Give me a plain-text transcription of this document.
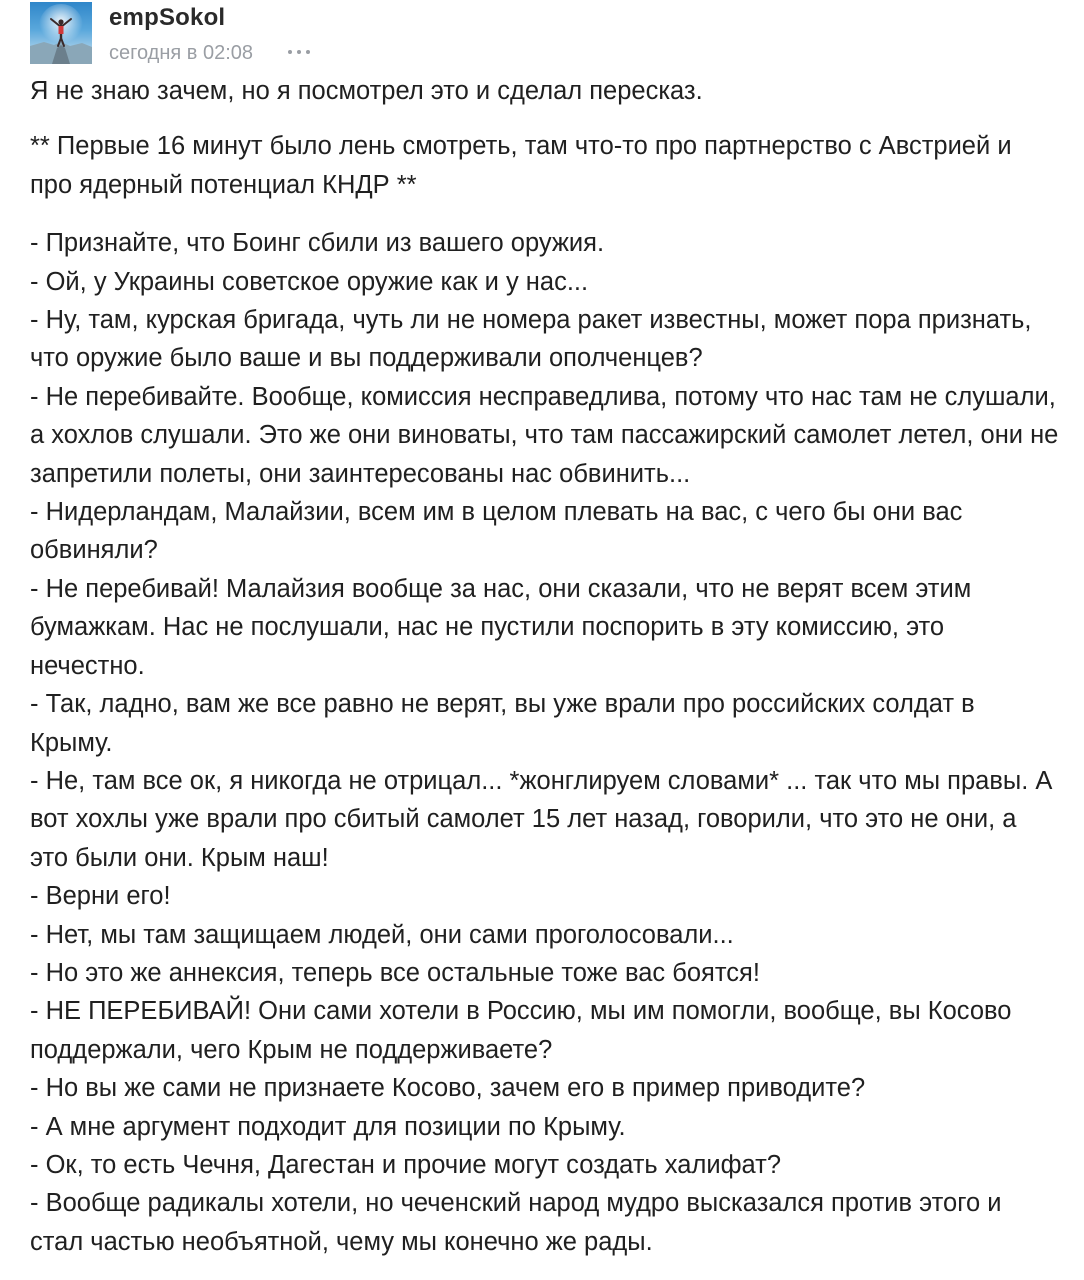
empSokol
сегодня в 02:08

Я не знаю зачем, но я посмотрел это и сделал пересказ.

** Первые 16 минут было лень смотреть, там что-то про партнерство с Австрией и про ядерный потенциал КНДР **

- Признайте, что Боинг сбили из вашего оружия.

- Ой, у Украины советское оружие как и у нас...

- Ну, там, курская бригада, чуть ли не номера ракет известны, может пора признать, что оружие было ваше и вы поддерживали ополченцев?

- Не перебивайте. Вообще, комиссия несправедлива, потому что нас там не слушали, а хохлов слушали. Это же они виноваты, что там пассажирский самолет летел, они не запретили полеты, они заинтересованы нас обвинить...

- Нидерландам, Малайзии, всем им в целом плевать на вас, с чего бы они вас обвиняли?

- Не перебивай! Малайзия вообще за нас, они сказали, что не верят всем этим бумажкам. Нас не послушали, нас не пустили поспорить в эту комиссию, это нечестно.

- Так, ладно, вам же все равно не верят, вы уже врали про российских солдат в Крыму.

- Не, там все ок, я никогда не отрицал... *жонглируем словами* ... так что мы правы. А вот хохлы уже врали про сбитый самолет 15 лет назад, говорили, что это не они, а это были они. Крым наш!

- Верни его!

- Нет, мы там защищаем людей, они сами проголосовали...

- Но это же аннексия, теперь все остальные тоже вас боятся!

- НЕ ПЕРЕБИВАЙ! Они сами хотели в Россию, мы им помогли, вообще, вы Косово поддержали, чего Крым не поддерживаете?

- Но вы же сами не признаете Косово, зачем его в пример приводите?

- А мне аргумент подходит для позиции по Крыму.

- Ок, то есть Чечня, Дагестан и прочие могут создать халифат?

- Вообще радикалы хотели, но чеченский народ мудро высказался против этого и стал частью необъятной, чему мы конечно же рады.
